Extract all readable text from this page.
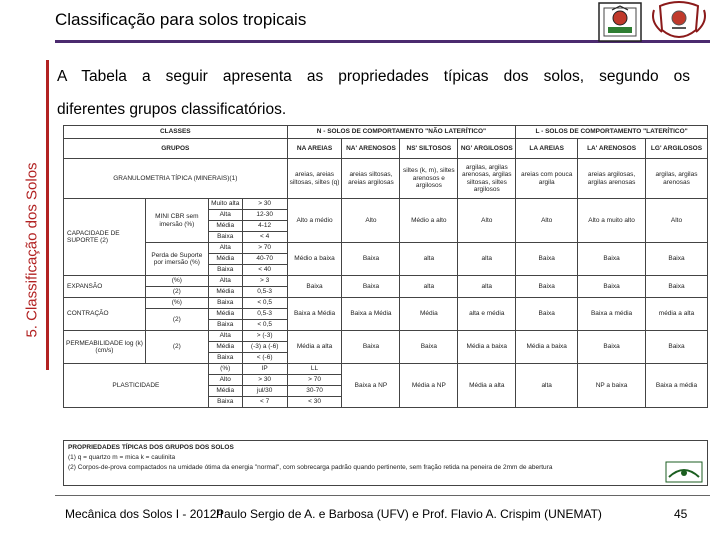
Classificação para solos tropicais
5. Classificação dos Solos
A Tabela a seguir apresenta as propriedades típicas dos solos, segundo os
diferentes grupos classificatórios.
CLASSES				N - SOLOS DE COMPORTAMENTO "NÃO LATERÍTICO"				L - SOLOS DE COMPORTAMENTO "LATERÍTICO"		
GRUPOS				NA AREIAS	NA' ARENOSOS	NS' SILTOSOS	NG' ARGILOSOS	LA AREIAS	LA' ARENOSOS	LG' ARGILOSOS
GRANULOMETRIA TÍPICA (MINERAIS)(1)				areias, areias siltosas, siltes (q)	areias siltosas, areias argilosas	siltes (k, m), siltes arenosos e argilosos	argilas, argilas arenosas, argilas siltosas, siltes argilosos	areias com pouca argila	areias argilosas, argilas arenosas	argilas, argilas arenosas
CAPACIDADE DE SUPORTE (2)	MINI CBR sem imersão (%)	Muito alta	> 30	Alto a médio	Alto	Médio a alto	Alto	Alto	Alto a muito alto	Alto
		Alta	12-30							
		Média	4-12							
		Baixa	< 4							
	Perda de Suporte por imersão (%)	Alta	> 70	Médio a baixa	Baixa	alta	alta	Baixa	Baixa	Baixa
		Média	40-70							
		Baixa	< 40							
EXPANSÃO	(%)	Alta	> 3	Baixa	Baixa	alta	alta	Baixa	Baixa	Baixa
	(2)	Média	0,5-3							
CONTRAÇÃO	(%)	Baixa	< 0,5	Baixa a Média	Baixa a Média	Média	alta e média	Baixa	Baixa a média	média a alta
	(2)	Média	0,5-3							
		Baixa	< 0,5							
PERMEABILIDADE log (k)(cm/s)	(2)	Alta	> (-3)	Média a alta	Baixa	Baixa	Média a baixa	Média a baixa	Baixa	Baixa
		Média	(-3) a (-6)							
		Baixa	< (-6)							
PLASTICIDADE		(%)	IP	LL	Baixa a NP	Média a NP	Média a alta	alta	NP a baixa	Baixa a média
		Alto	> 30	> 70						
		Média	jul/30	30-70						
		Baixa	< 7	< 30						
PROPRIEDADES TÍPICAS DOS GRUPOS DOS SOLOS
(1) q = quartzo m = mica k = caulinita
(2) Corpos-de-prova compactados na umidade ótima da energia "normal", com sobrecarga padrão quando pertinente, sem fração retida na peneira de 2mm de abertura
Mecânica dos Solos I - 2012/I
Paulo Sergio de A. e Barbosa (UFV) e Prof. Flavio A. Crispim (UNEMAT)	45
